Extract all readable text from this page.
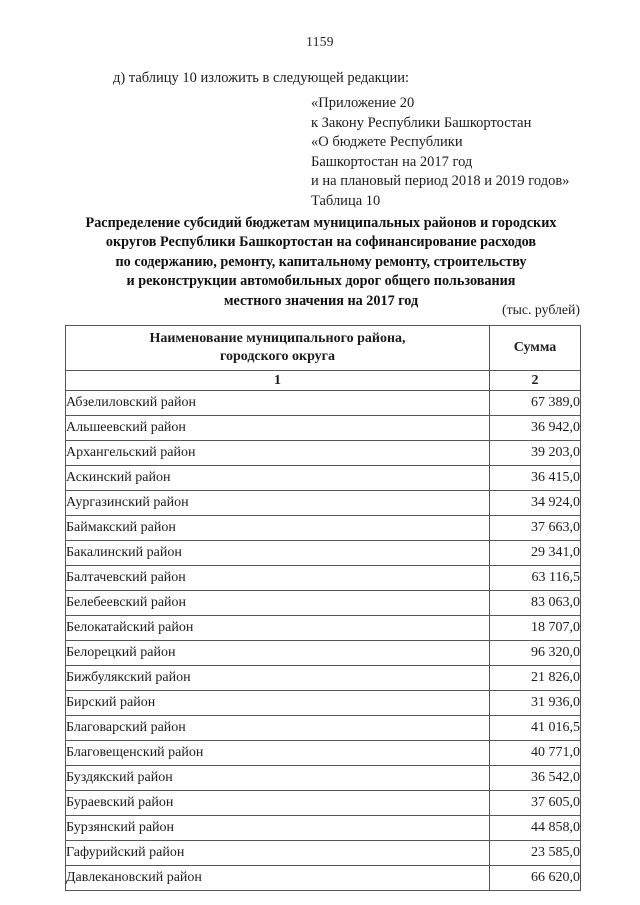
1159
д) таблицу 10 изложить в следующей редакции:
«Приложение 20
к Закону Республики Башкортостан
«О бюджете Республики
Башкортостан на 2017 год
и на плановый период 2018 и 2019 годов»
Таблица 10
Распределение субсидий бюджетам муниципальных районов и городских
округов Республики Башкортостан на софинансирование расходов
по содержанию, ремонту, капитальному ремонту, строительству
и реконструкции автомобильных дорог общего пользования
местного значения на 2017 год
(тыс. рублей)
Наименование муниципального района,
городского округа	Сумма
1	2
Абзелиловский район	67 389,0
Альшеевский район	36 942,0
Архангельский район	39 203,0
Аскинский район	36 415,0
Аургазинский район	34 924,0
Баймакский район	37 663,0
Бакалинский район	29 341,0
Балтачевский район	63 116,5
Белебеевский район	83 063,0
Белокатайский район	18 707,0
Белорецкий район	96 320,0
Бижбулякский район	21 826,0
Бирский район	31 936,0
Благоварский район	41 016,5
Благовещенский район	40 771,0
Буздякский район	36 542,0
Бураевский район	37 605,0
Бурзянский район	44 858,0
Гафурийский район	23 585,0
Давлекановский район	66 620,0
